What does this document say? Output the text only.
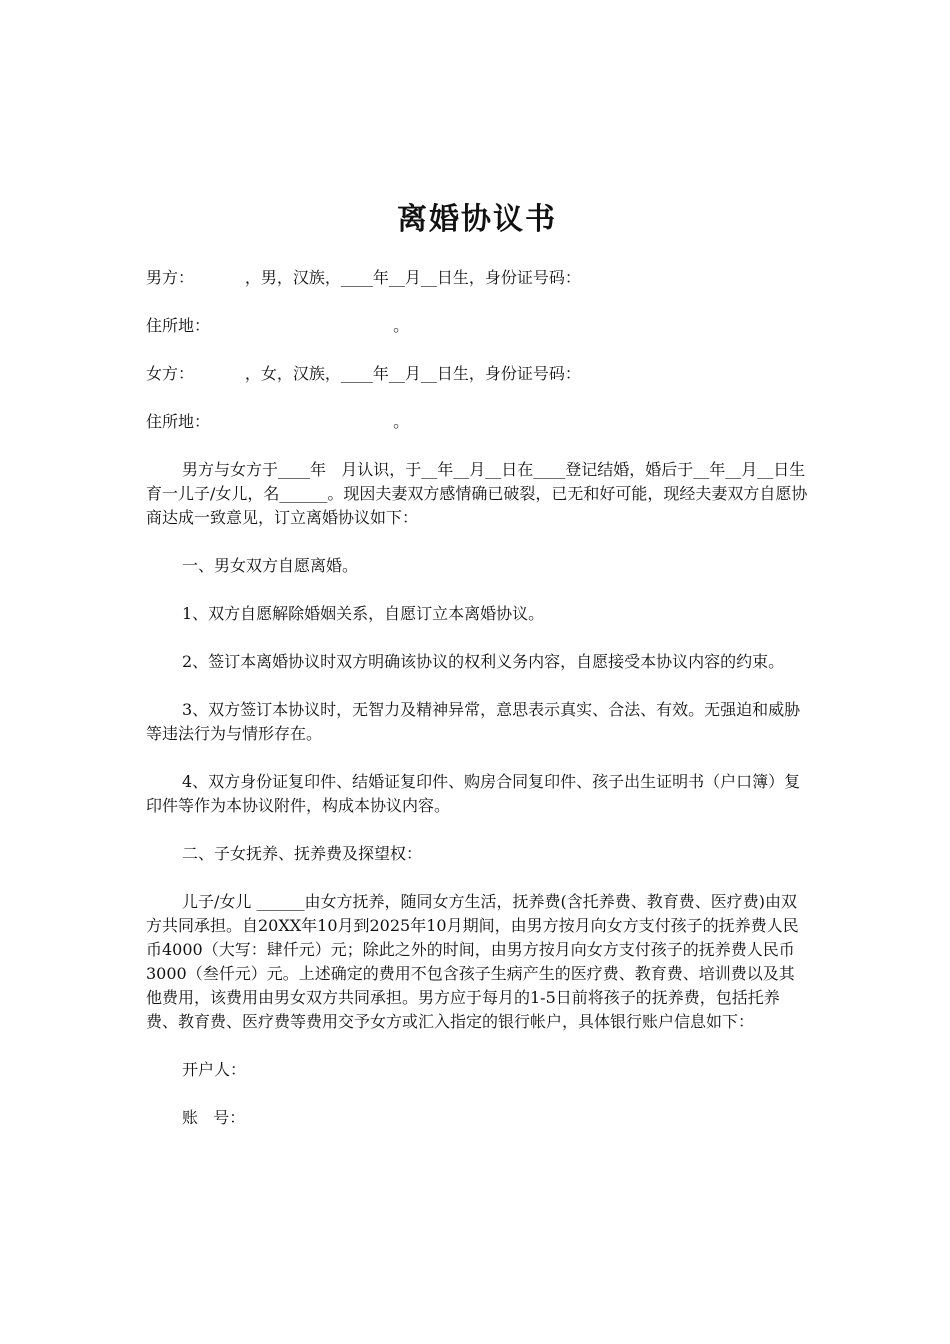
离婚协议书

男方：          ，男，汉族，____年__月__日生，身份证号码：

住所地：                                    。

女方：          ，女，汉族，____年__月__日生，身份证号码：

住所地：                                    。

男方与女方于____年   月认识，于__年__月__日在____登记结婚，婚后于__年__月__日生育一儿子/女儿，名______。现因夫妻双方感情确已破裂，已无和好可能，现经夫妻双方自愿协商达成一致意见，订立离婚协议如下：

一、男女双方自愿离婚。

1、双方自愿解除婚姻关系，自愿订立本离婚协议。

2、签订本离婚协议时双方明确该协议的权利义务内容，自愿接受本协议内容的约束。

3、双方签订本协议时，无智力及精神异常，意思表示真实、合法、有效。无强迫和威胁等违法行为与情形存在。

4、双方身份证复印件、结婚证复印件、购房合同复印件、孩子出生证明书（户口簿）复印件等作为本协议附件，构成本协议内容。

二、子女抚养、抚养费及探望权：

儿子/女儿 ______由女方抚养，随同女方生活，抚养费(含托养费、教育费、医疗费)由双方共同承担。自20XX年10月到2025年10月期间，由男方按月向女方支付孩子的抚养费人民币4000（大写：肆仟元）元；除此之外的时间，由男方按月向女方支付孩子的抚养费人民币3000（叁仟元）元。上述确定的费用不包含孩子生病产生的医疗费、教育费、培训费以及其他费用，该费用由男女双方共同承担。男方应于每月的1-5日前将孩子的抚养费，包括托养费、教育费、医疗费等费用交予女方或汇入指定的银行帐户，具体银行账户信息如下：

开户人：

账   号：
